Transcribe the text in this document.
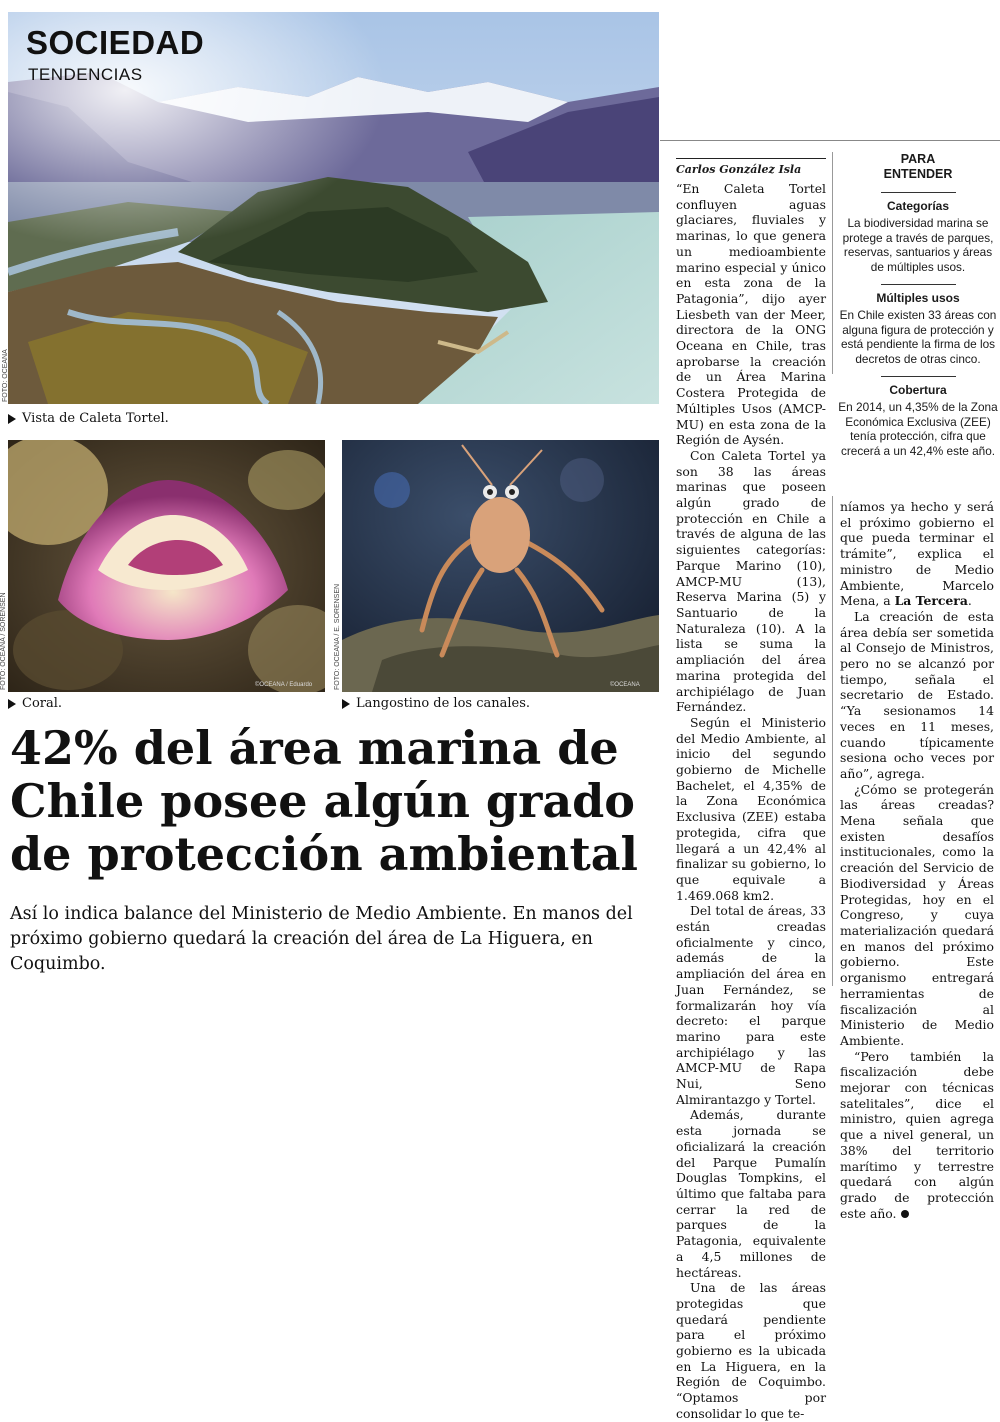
SOCIEDAD
TENDENCIAS
FOTO: OCEANA
Vista de Caleta Tortel.
FOTO: OCEANA / SORENSEN	©OCEANA / Eduardo
Coral.
FOTO: OCEANA / E. SORENSEN	©OCEANA
Langostino de los canales.
42% del área marina de Chile posee algún grado de protección ambiental

Así lo indica balance del Ministerio de Medio Ambiente. En manos del próximo gobierno quedará la creación del área de La Higuera, en Coquimbo.

Carlos González Isla

“En Caleta Tortel confluyen aguas glaciares, fluviales y marinas, lo que genera un medioambiente marino especial y único en esta zona de la Patagonia”, dijo ayer Liesbeth van der Meer, directora de la ONG Oceana en Chile, tras aprobarse la creación de un Área Marina Costera Protegida de Múltiples Usos (AMCP-MU) en esta zona de la Región de Aysén.

Con Caleta Tortel ya son 38 las áreas marinas que poseen algún grado de protección en Chile a través de alguna de las siguientes categorías: Parque Marino (10), AMCP-MU (13), Reserva Marina (5) y Santuario de la Naturaleza (10). A la lista se suma la ampliación del área marina protegida del archipiélago de Juan Fernández.

Según el Ministerio del Medio Ambiente, al inicio del segundo gobierno de Michelle Bachelet, el 4,35% de la Zona Económica Exclusiva (ZEE) estaba protegida, cifra que llegará a un 42,4% al finalizar su gobierno, lo que equivale a 1.469.068 km2.

Del total de áreas, 33 están creadas oficialmente y cinco, además de la ampliación del área en Juan Fernández, se formalizarán hoy vía decreto: el parque marino para este archipiélago y las AMCP-MU de Rapa Nui, Seno Almirantazgo y Tortel.

Además, durante esta jornada se oficializará la creación del Parque Pumalín Douglas Tompkins, el último que faltaba para cerrar la red de parques de la Patagonia, equivalente a 4,5 millones de hectáreas.

Una de las áreas protegidas que quedará pendiente para el próximo gobierno es la ubicada en La Higuera, en la Región de Coquimbo. “Optamos por consolidar lo que te-

PARA ENTENDER
Categorías
La biodiversidad marina se protege a través de parques, reservas, santuarios y áreas de múltiples usos.
Múltiples usos
En Chile existen 33 áreas con alguna figura de protección y está pendiente la firma de los decretos de otras cinco.
Cobertura
En 2014, un 4,35% de la Zona Económica Exclusiva (ZEE) tenía protección, cifra que crecerá a un 42,4% este año.

níamos ya hecho y será el próximo gobierno el que pueda terminar el trámite”, explica el ministro de Medio Ambiente, Marcelo Mena, a La Tercera.

La creación de esta área debía ser sometida al Consejo de Ministros, pero no se alcanzó por tiempo, señala el secretario de Estado. “Ya sesionamos 14 veces en 11 meses, cuando típicamente sesiona ocho veces por año”, agrega.

¿Cómo se protegerán las áreas creadas? Mena señala que existen desafíos institucionales, como la creación del Servicio de Biodiversidad y Áreas Protegidas, hoy en el Congreso, y cuya materialización quedará en manos del próximo gobierno. Este organismo entregará herramientas de fiscalización al Ministerio de Medio Ambiente.

“Pero también la fiscalización debe mejorar con técnicas satelitales”, dice el ministro, quien agrega que a nivel general, un 38% del territorio marítimo y terrestre quedará con algún grado de protección este año.
